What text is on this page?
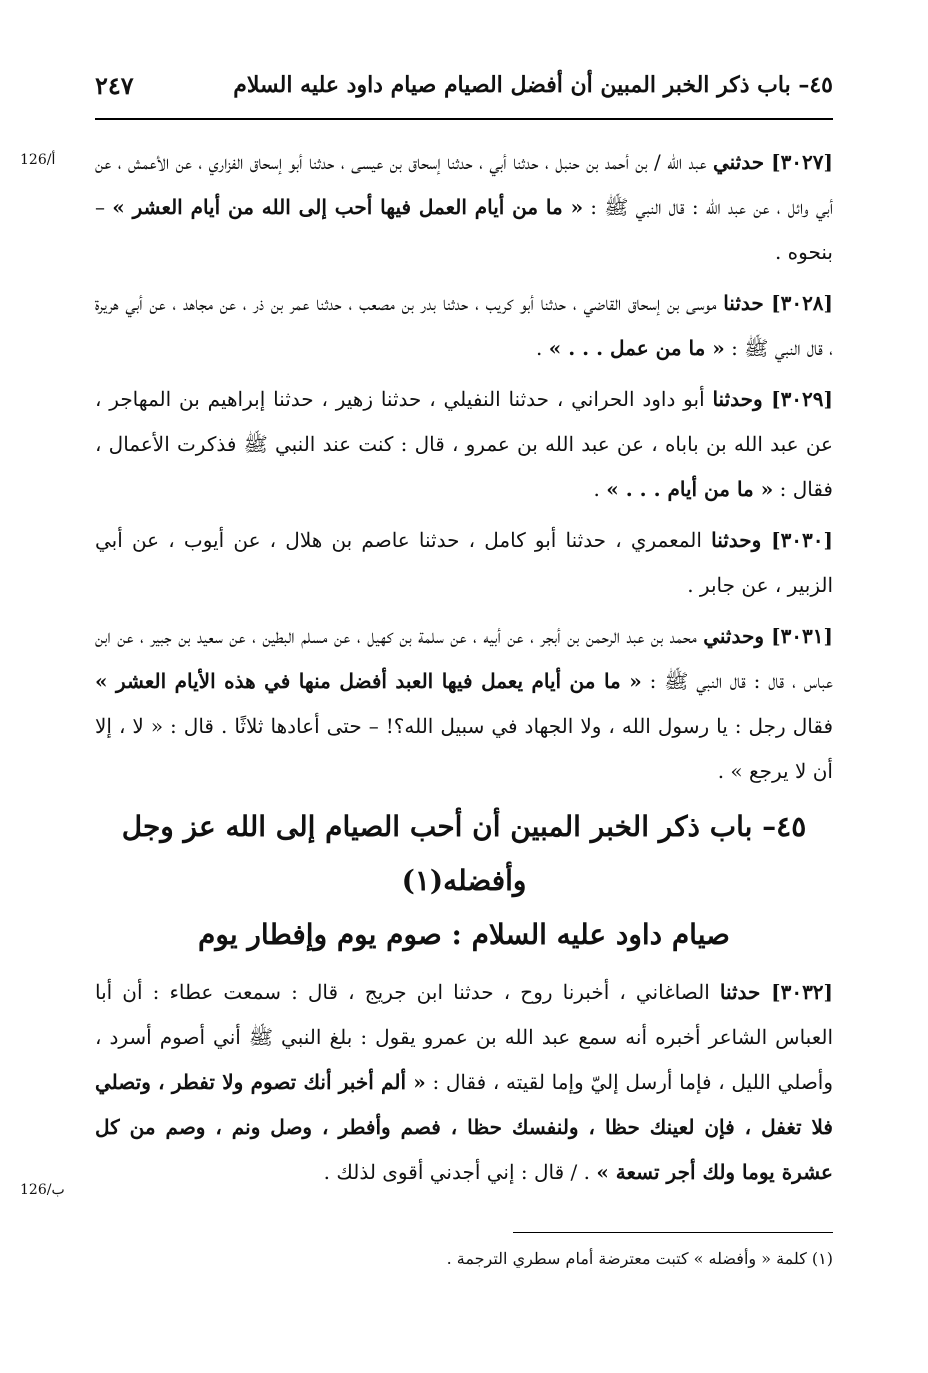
٤٥– باب ذكر الخبر المبين أن أفضل الصيام صيام داود عليه السلام
٢٤٧
126/أ
126/ب

[٣٠٢٧] حدثني عبد الله / بن أحمد بن حنبل ، حدثنا أبي ، حدثنا إسحاق بن عيسى ، حدثنا أبو إسحاق الفزاري ، عن الأعمش ، عن أبي وائل ، عن عبد الله : قال النبي ﷺ : « ما من أيام العمل فيها أحب إلى الله من أيام العشر » – بنحوه .

[٣٠٢٨] حدثنا موسى بن إسحاق القاضي ، حدثنا أبو كريب ، حدثنا بدر بن مصعب ، حدثنا عمر بن ذر ، عن مجاهد ، عن أبي هريرة ، قال النبي ﷺ : « ما من عمل . . . » .

[٣٠٢٩] وحدثنا أبو داود الحراني ، حدثنا النفيلي ، حدثنا زهير ، حدثنا إبراهيم بن المهاجر ، عن عبد الله بن باباه ، عن عبد الله بن عمرو ، قال : كنت عند النبي ﷺ فذكرت الأعمال ، فقال : « ما من أيام . . . » .

[٣٠٣٠] وحدثنا المعمري ، حدثنا أبو كامل ، حدثنا عاصم بن هلال ، عن أيوب ، عن أبي الزبير ، عن جابر .

[٣٠٣١] وحدثني محمد بن عبد الرحمن بن أبجر ، عن أبيه ، عن سلمة بن كهيل ، عن مسلم البطين ، عن سعيد بن جبير ، عن ابن عباس ، قال : قال النبي ﷺ : « ما من أيام يعمل فيها العبد أفضل منها في هذه الأيام العشر » فقال رجل : يا رسول الله ، ولا الجهاد في سبيل الله؟! – حتى أعادها ثلاثًا . قال : « لا ، إلا أن لا يرجع » .

٤٥– باب ذكر الخبر المبين أن أحب الصيام إلى الله عز وجل وأفضله(١)
صيام داود عليه السلام : صوم يوم وإفطار يوم

[٣٠٣٢] حدثنا الصاغاني ، أخبرنا روح ، حدثنا ابن جريج ، قال : سمعت عطاء : أن أبا العباس الشاعر أخبره أنه سمع عبد الله بن عمرو يقول : بلغ النبي ﷺ أني أصوم أسرد ، وأصلي الليل ، فإما أرسل إليّ وإما لقيته ، فقال : « ألم أخبر أنك تصوم ولا تفطر ، وتصلي فلا تغفل ، فإن لعينك حظا ، ولنفسك حظا ، فصم وأفطر ، وصل ونم ، وصم من كل عشرة يوما ولك أجر تسعة » . / قال : إني أجدني أقوى لذلك .

(١) كلمة « وأفضله » كتبت معترضة أمام سطري الترجمة .
